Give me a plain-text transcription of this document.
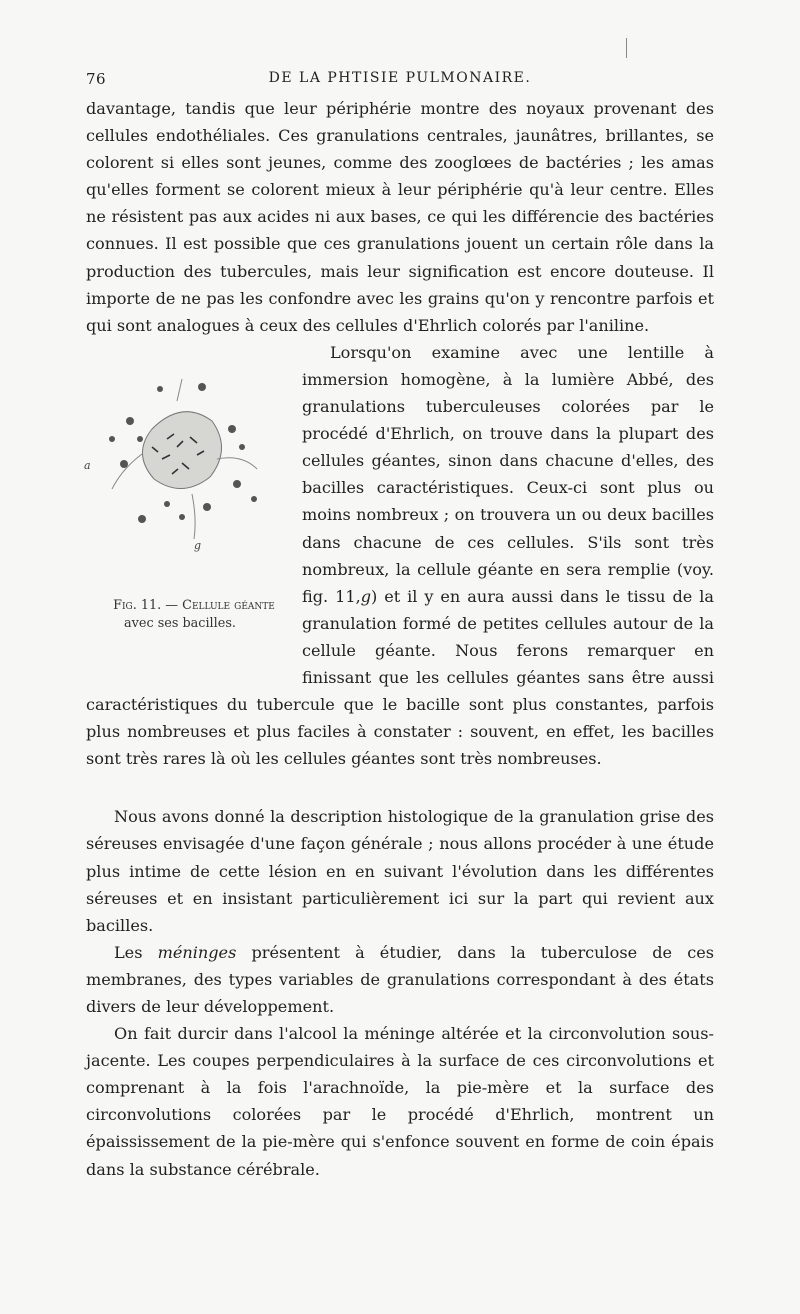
76	DE LA PHTISIE PULMONAIRE.

davantage, tandis que leur périphérie montre des noyaux provenant des cellules endothéliales. Ces granulations centrales, jaunâtres, brillantes, se colorent si elles sont jeunes, comme des zooglœes de bactéries ; les amas qu'elles forment se colorent mieux à leur périphérie qu'à leur centre. Elles ne résistent pas aux acides ni aux bases, ce qui les différencie des bactéries connues. Il est possible que ces granulations jouent un certain rôle dans la production des tubercules, mais leur signification est encore douteuse. Il importe de ne pas les confondre avec les grains qu'on y rencontre parfois et qui sont analogues à ceux des cellules d'Ehrlich colorés par l'aniline.

g
a
Fig. 11. — Cellule géante
avec ses bacilles.
Lorsqu'on examine avec une lentille à immersion homogène, à la lumière Abbé, des granulations tuberculeuses colorées par le procédé d'Ehrlich, on trouve dans la plupart des cellules géantes, sinon dans chacune d'elles, des bacilles caractéristiques. Ceux-ci sont plus ou moins nombreux ; on trouvera un ou deux bacilles dans chacune de ces cellules. S'ils sont très nombreux, la cellule géante en sera remplie (voy. fig. 11,g) et il y en aura aussi dans le tissu de la granulation formé de petites cellules autour de la cellule géante. Nous ferons remarquer en finissant que les cellules géantes sans être aussi caractéristiques du tubercule que le bacille sont plus constantes, parfois plus nombreuses et plus faciles à constater : souvent, en effet, les bacilles sont très rares là où les cellules géantes sont très nombreuses.

Nous avons donné la description histologique de la granulation grise des séreuses envisagée d'une façon générale ; nous allons procéder à une étude plus intime de cette lésion en en suivant l'évolution dans les différentes séreuses et en insistant particulièrement ici sur la part qui revient aux bacilles.

Les méninges présentent à étudier, dans la tuberculose de ces membranes, des types variables de granulations correspondant à des états divers de leur développement.

On fait durcir dans l'alcool la méninge altérée et la circonvolution sous-jacente. Les coupes perpendiculaires à la surface de ces circonvolutions et comprenant à la fois l'arachnoïde, la pie-mère et la surface des circonvolutions colorées par le procédé d'Ehrlich, montrent un épaississement de la pie-mère qui s'enfonce souvent en forme de coin épais dans la substance cérébrale.
